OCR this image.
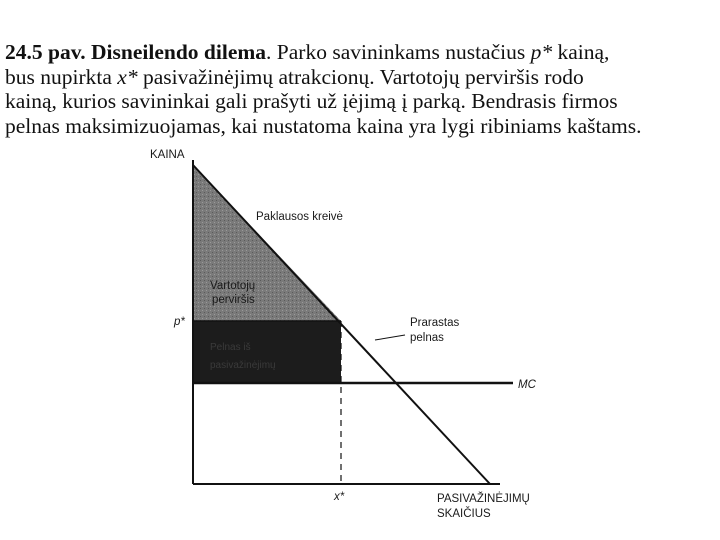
24.5 pav. Disneilendo dilema. Parko savininkams nustačius p* kainą,
bus nupirkta x* pasivažinėjimų atrakcionų. Vartotojų perviršis rodo
kainą, kurios savininkai gali prašyti už įėjimą į parką. Bendrasis firmos
pelnas maksimizuojamas, kai nustatoma kaina yra lygi ribiniams kaštams.
Pelnas iš
pasivažinėjimų
KAINA
Paklausos kreivė
Vartotojų
perviršis
p*	Prarastas
pelnas
MC
x*	PASIVAŽINĖJIMŲ
SKAIČIUS
